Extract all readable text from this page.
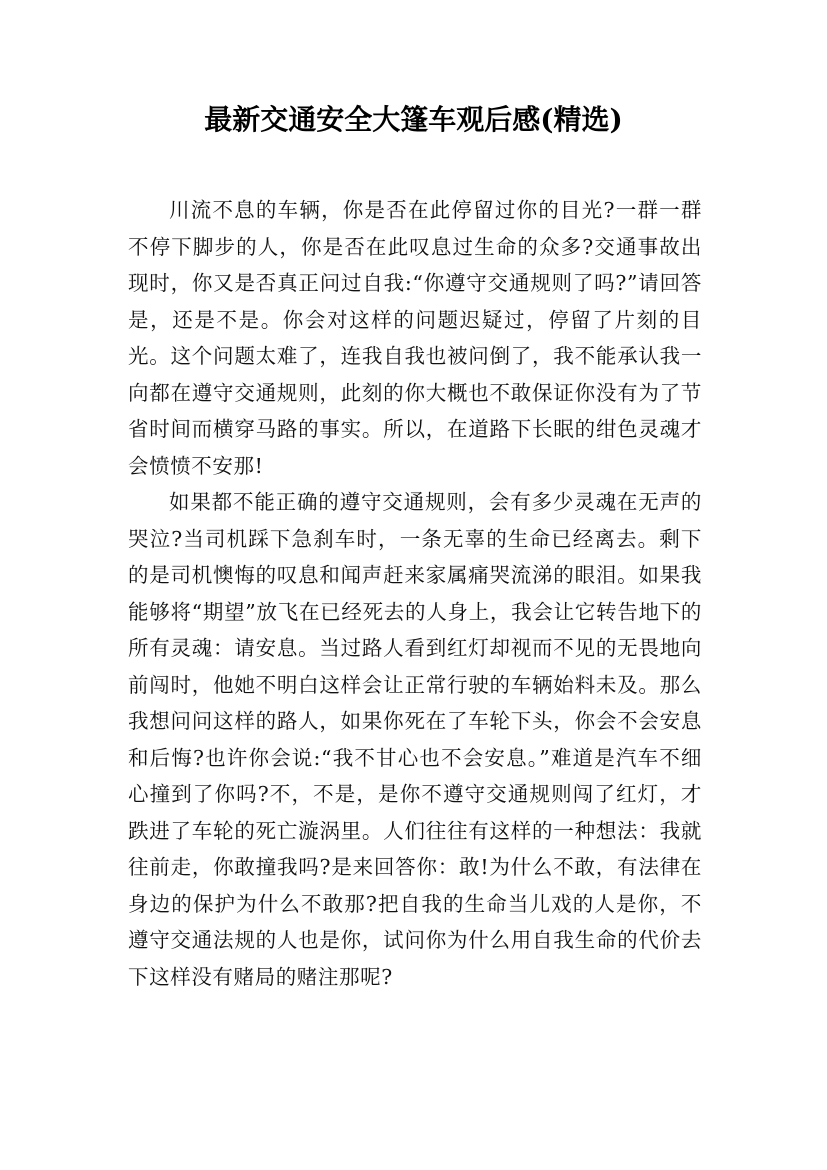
最新交通安全大篷车观后感(精选)

川流不息的车辆，你是否在此停留过你的目光?一群一群不停下脚步的人，你是否在此叹息过生命的众多?交通事故出现时，你又是否真正问过自我:“你遵守交通规则了吗?”请回答是，还是不是。你会对这样的问题迟疑过，停留了片刻的目光。这个问题太难了，连我自我也被问倒了，我不能承认我一向都在遵守交通规则，此刻的你大概也不敢保证你没有为了节省时间而横穿马路的事实。所以，在道路下长眠的绀色灵魂才会愤愤不安那!

如果都不能正确的遵守交通规则，会有多少灵魂在无声的哭泣?当司机踩下急刹车时，一条无辜的生命已经离去。剩下的是司机懊悔的叹息和闻声赶来家属痛哭流涕的眼泪。如果我能够将“期望”放飞在已经死去的人身上，我会让它转告地下的所有灵魂：请安息。当过路人看到红灯却视而不见的无畏地向前闯时，他她不明白这样会让正常行驶的车辆始料未及。那么我想问问这样的路人，如果你死在了车轮下头，你会不会安息和后悔?也许你会说:“我不甘心也不会安息。”难道是汽车不细心撞到了你吗?不，不是，是你不遵守交通规则闯了红灯，才跌进了车轮的死亡漩涡里。人们往往有这样的一种想法：我就往前走，你敢撞我吗?是来回答你：敢!为什么不敢，有法律在身边的保护为什么不敢那?把自我的生命当儿戏的人是你，不遵守交通法规的人也是你，试问你为什么用自我生命的代价去下这样没有赌局的赌注那呢?
